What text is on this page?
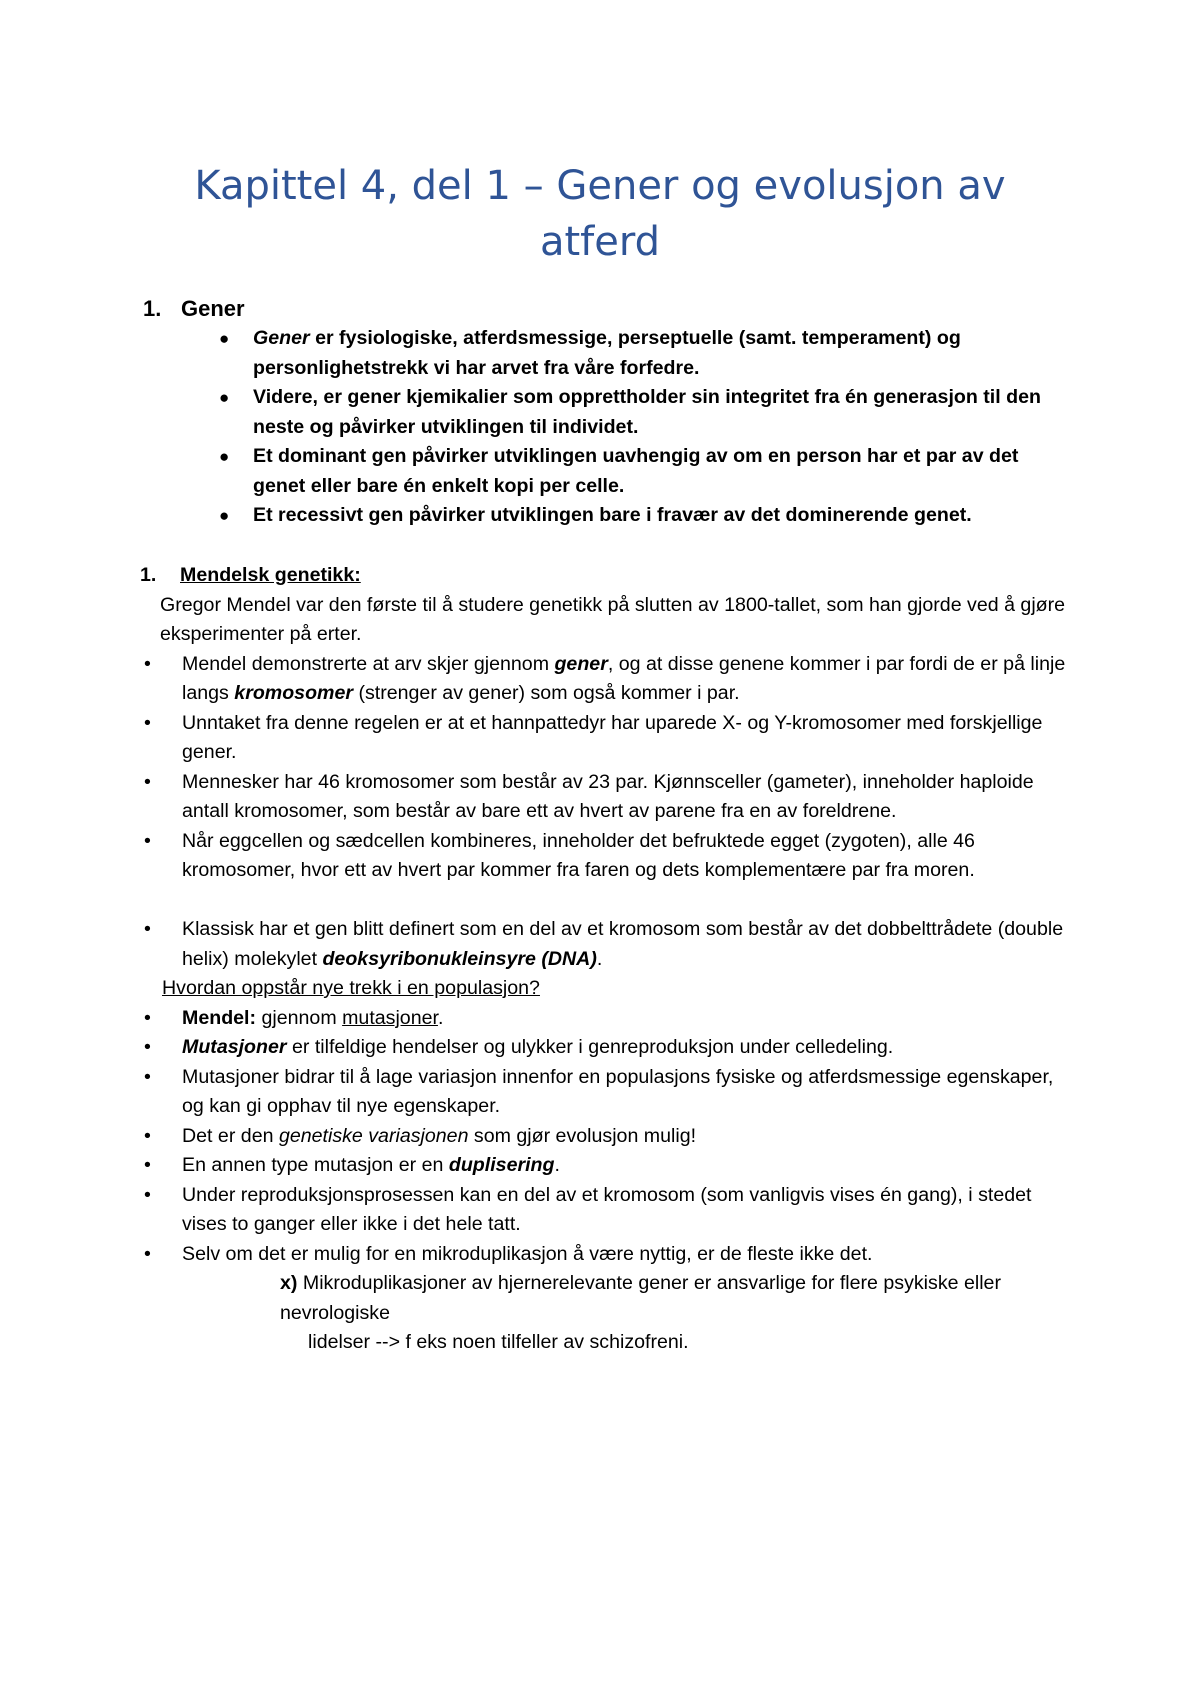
Kapittel 4, del 1 – Gener og evolusjon av atferd
1. Gener
● Gener er fysiologiske, atferdsmessige, perseptuelle (samt. temperament) og personlighetstrekk vi har arvet fra våre forfedre.
● Videre, er gener kjemikalier som opprettholder sin integritet fra én generasjon til den neste og påvirker utviklingen til individet.
● Et dominant gen påvirker utviklingen uavhengig av om en person har et par av det genet eller bare én enkelt kopi per celle.
● Et recessivt gen påvirker utviklingen bare i fravær av det dominerende genet.
1. Mendelsk genetikk:
Gregor Mendel var den første til å studere genetikk på slutten av 1800-tallet, som han gjorde ved å gjøre eksperimenter på erter.
• Mendel demonstrerte at arv skjer gjennom gener, og at disse genene kommer i par fordi de er på linje langs kromosomer (strenger av gener) som også kommer i par.
• Unntaket fra denne regelen er at et hannpattedyr har uparede X- og Y-kromosomer med forskjellige gener.
• Mennesker har 46 kromosomer som består av 23 par. Kjønnsceller (gameter), inneholder haploide antall kromosomer, som består av bare ett av hvert av parene fra en av foreldrene.
• Når eggcellen og sædcellen kombineres, inneholder det befruktede egget (zygoten), alle 46 kromosomer, hvor ett av hvert par kommer fra faren og dets komplementære par fra moren.
• Klassisk har et gen blitt definert som en del av et kromosom som består av det dobbelttrådete (double helix) molekylet deoksyribonukleinsyre (DNA).
Hvordan oppstår nye trekk i en populasjon?
• Mendel: gjennom mutasjoner.
• Mutasjoner er tilfeldige hendelser og ulykker i genreproduksjon under celledeling.
• Mutasjoner bidrar til å lage variasjon innenfor en populasjons fysiske og atferdsmessige egenskaper, og kan gi opphav til nye egenskaper.
• Det er den genetiske variasjonen som gjør evolusjon mulig!
• En annen type mutasjon er en duplisering.
• Under reproduksjonsprosessen kan en del av et kromosom (som vanligvis vises én gang), i stedet vises to ganger eller ikke i det hele tatt.
• Selv om det er mulig for en mikroduplikasjon å være nyttig, er de fleste ikke det.
x) Mikroduplikasjoner av hjernerelevante gener er ansvarlige for flere psykiske eller nevrologiske
lidelser --> f eks noen tilfeller av schizofreni.
